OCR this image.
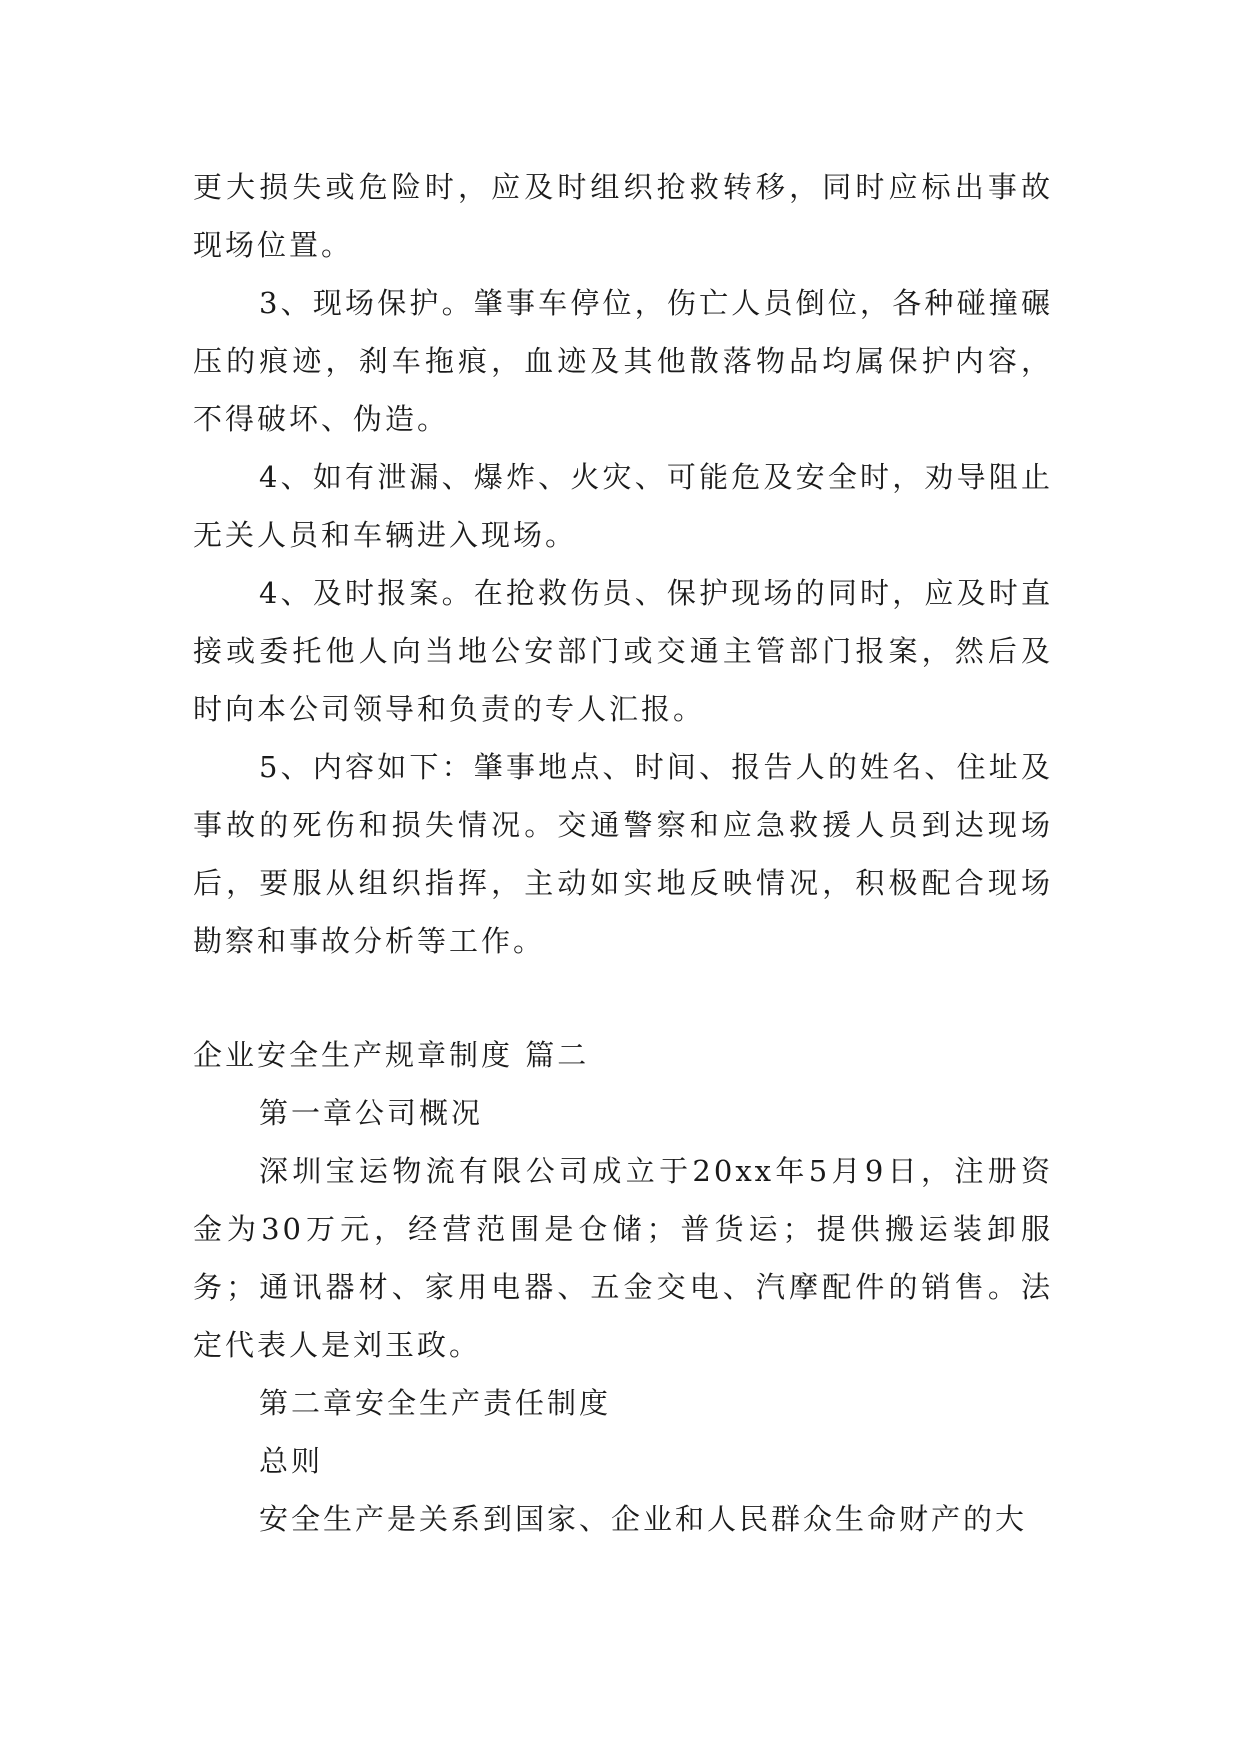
更大损失或危险时，应及时组织抢救转移，同时应标出事故现场位置。

3、现场保护。肇事车停位，伤亡人员倒位，各种碰撞碾压的痕迹，刹车拖痕，血迹及其他散落物品均属保护内容，不得破坏、伪造。

4、如有泄漏、爆炸、火灾、可能危及安全时，劝导阻止无关人员和车辆进入现场。

4、及时报案。在抢救伤员、保护现场的同时，应及时直接或委托他人向当地公安部门或交通主管部门报案，然后及时向本公司领导和负责的专人汇报。

5、内容如下：肇事地点、时间、报告人的姓名、住址及事故的死伤和损失情况。交通警察和应急救援人员到达现场后，要服从组织指挥，主动如实地反映情况，积极配合现场勘察和事故分析等工作。

企业安全生产规章制度 篇二

第一章公司概况

深圳宝运物流有限公司成立于20xx年5月9日，注册资金为30万元，经营范围是仓储；普货运；提供搬运装卸服务；通讯器材、家用电器、五金交电、汽摩配件的销售。法定代表人是刘玉政。

第二章安全生产责任制度

总则

安全生产是关系到国家、企业和人民群众生命财产的大
